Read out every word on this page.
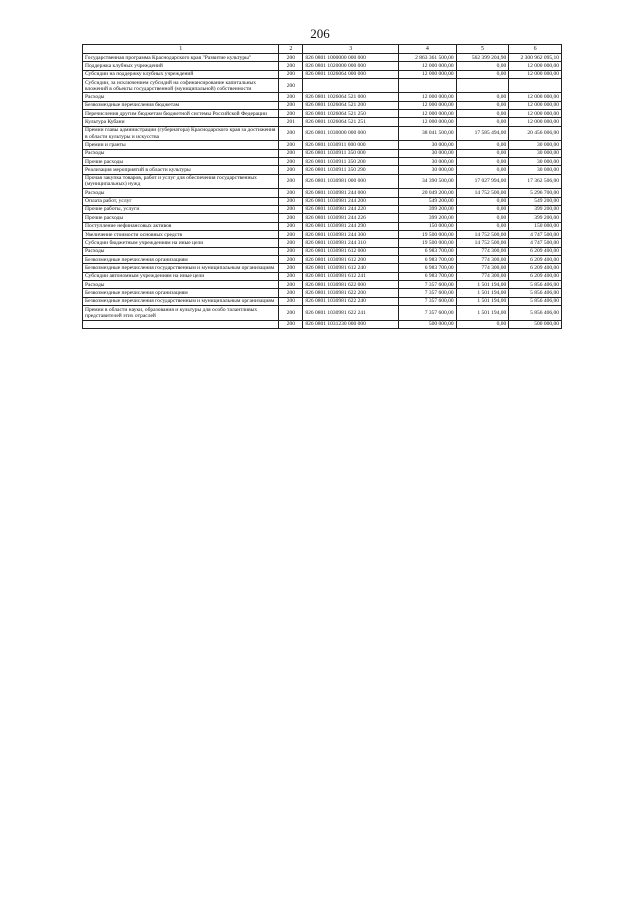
206
1	2	3	4	5	6
Государственная программа Краснодарского края "Развитие культуры"	200	826 0801 1000000 000 000	2 863 361 500,00	562 399 204,90	2 300 962 095,10
Поддержка клубных учреждений	200	826 0801 1020000 000 000	12 000 000,00	0,00	12 000 000,00
Субсидии на поддержку клубных учреждений	200	826 0801 1026064 000 000	12 000 000,00	0,00	12 000 000,00
Субсидии, за исключением субсидий на софинансирование капитальных вложений в объекты государственной (муниципальной) собственности	200				
Расходы	200	826 0801 1026064 521 000	12 000 000,00	0,00	12 000 000,00
Безвозмездные перечисления бюджетам	200	826 0801 1026064 521 200	12 000 000,00	0,00	12 000 000,00
Перечисления другим бюджетам бюджетной системы Российской Федерации	200	826 0801 1026064 521 250	12 000 000,00	0,00	12 000 000,00
Культура Кубани	201	826 0801 1026064 521 251	12 000 000,00	0,00	12 000 000,00
Премии главы администрации (губернатора) Краснодарского края за достижения в области культуры и искусства	200	826 0801 1030000 000 000	38 041 500,00	17 585 494,00	20 456 006,00
Премии и гранты	200	826 0801 1030911 000 000	30 000,00	0,00	30 000,00
Расходы	200	826 0801 1030911 350 000	30 000,00	0,00	30 000,00
Прочие расходы	200	826 0801 1030911 350 200	30 000,00	0,00	30 000,00
Реализация мероприятий в области культуры	200	826 0801 1030911 350 290	30 000,00	0,00	30 000,00
Прочая закупка товаров, работ и услуг для обеспечения государственных (муниципальных) нужд	200	826 0801 1030981 000 000	34 390 500,00	17 027 994,00	17 362 506,00
Расходы	200	826 0801 1030981 244 000	20 049 200,00	14 752 500,00	5 296 700,00
Оплата работ, услуг	200	826 0801 1030981 244 200	549 200,00	0,00	549 200,00
Прочие работы, услуги	200	826 0801 1030981 244 220	399 200,00	0,00	399 200,00
Прочие расходы	200	826 0801 1030981 244 226	399 200,00	0,00	399 200,00
Поступление нефинансовых активов	200	826 0801 1030981 244 290	150 000,00	0,00	150 000,00
Увеличение стоимости основных средств	200	826 0801 1030981 244 300	19 500 000,00	14 752 500,00	4 747 500,00
Субсидии бюджетным учреждениям на иные цели	200	826 0801 1030981 244 310	19 500 000,00	14 752 500,00	4 747 500,00
Расходы	200	826 0801 1030981 612 000	6 983 700,00	774 300,00	6 209 400,00
Безвозмездные перечисления организациям	200	826 0801 1030981 612 200	6 983 700,00	774 300,00	6 209 400,00
Безвозмездные перечисления государственным и муниципальным организациям	200	826 0801 1030981 612 240	6 983 700,00	774 300,00	6 209 400,00
Субсидии автономным учреждениям на иные цели	200	826 0801 1030981 612 241	6 983 700,00	774 300,00	6 209 400,00
Расходы	200	826 0801 1030981 622 000	7 357 600,00	1 501 194,00	5 856 406,00
Безвозмездные перечисления организациям	200	826 0801 1030981 622 200	7 357 600,00	1 501 194,00	5 856 406,00
Безвозмездные перечисления государственным и муниципальным организациям	200	826 0801 1030981 622 240	7 357 600,00	1 501 194,00	5 856 406,00
Премии в области науки, образования и культуры для особо талантливых представителей этих отраслей	200	826 0801 1030981 622 241	7 357 600,00	1 501 194,00	5 856 406,00
	200	826 0801 1031230 000 000	500 000,00	0,00	500 000,00
